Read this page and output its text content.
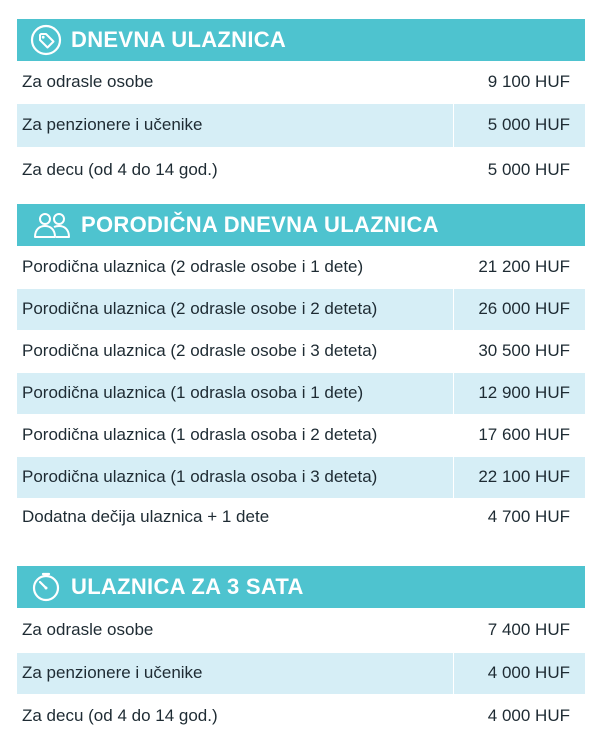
DNEVNA ULAZNICA
Za odrasle osobe	9 100 HUF
Za penzionere i učenike	5 000 HUF
Za decu (od 4 do 14 god.)	5 000 HUF
PORODIČNA DNEVNA ULAZNICA
Porodična ulaznica (2 odrasle osobe i 1 dete)	21 200 HUF
Porodična ulaznica (2 odrasle osobe i 2 deteta)	26 000 HUF
Porodična ulaznica (2 odrasle osobe i 3 deteta)	30 500 HUF
Porodična ulaznica (1 odrasla osoba i 1 dete)	12 900 HUF
Porodična ulaznica (1 odrasla osoba i 2 deteta)	17 600 HUF
Porodična ulaznica (1 odrasla osoba i 3 deteta)	22 100 HUF
Dodatna dečija ulaznica + 1 dete	4 700 HUF
ULAZNICA ZA 3 SATA
Za odrasle osobe	7 400 HUF
Za penzionere i učenike	4 000 HUF
Za decu (od 4 do 14 god.)	4 000 HUF
